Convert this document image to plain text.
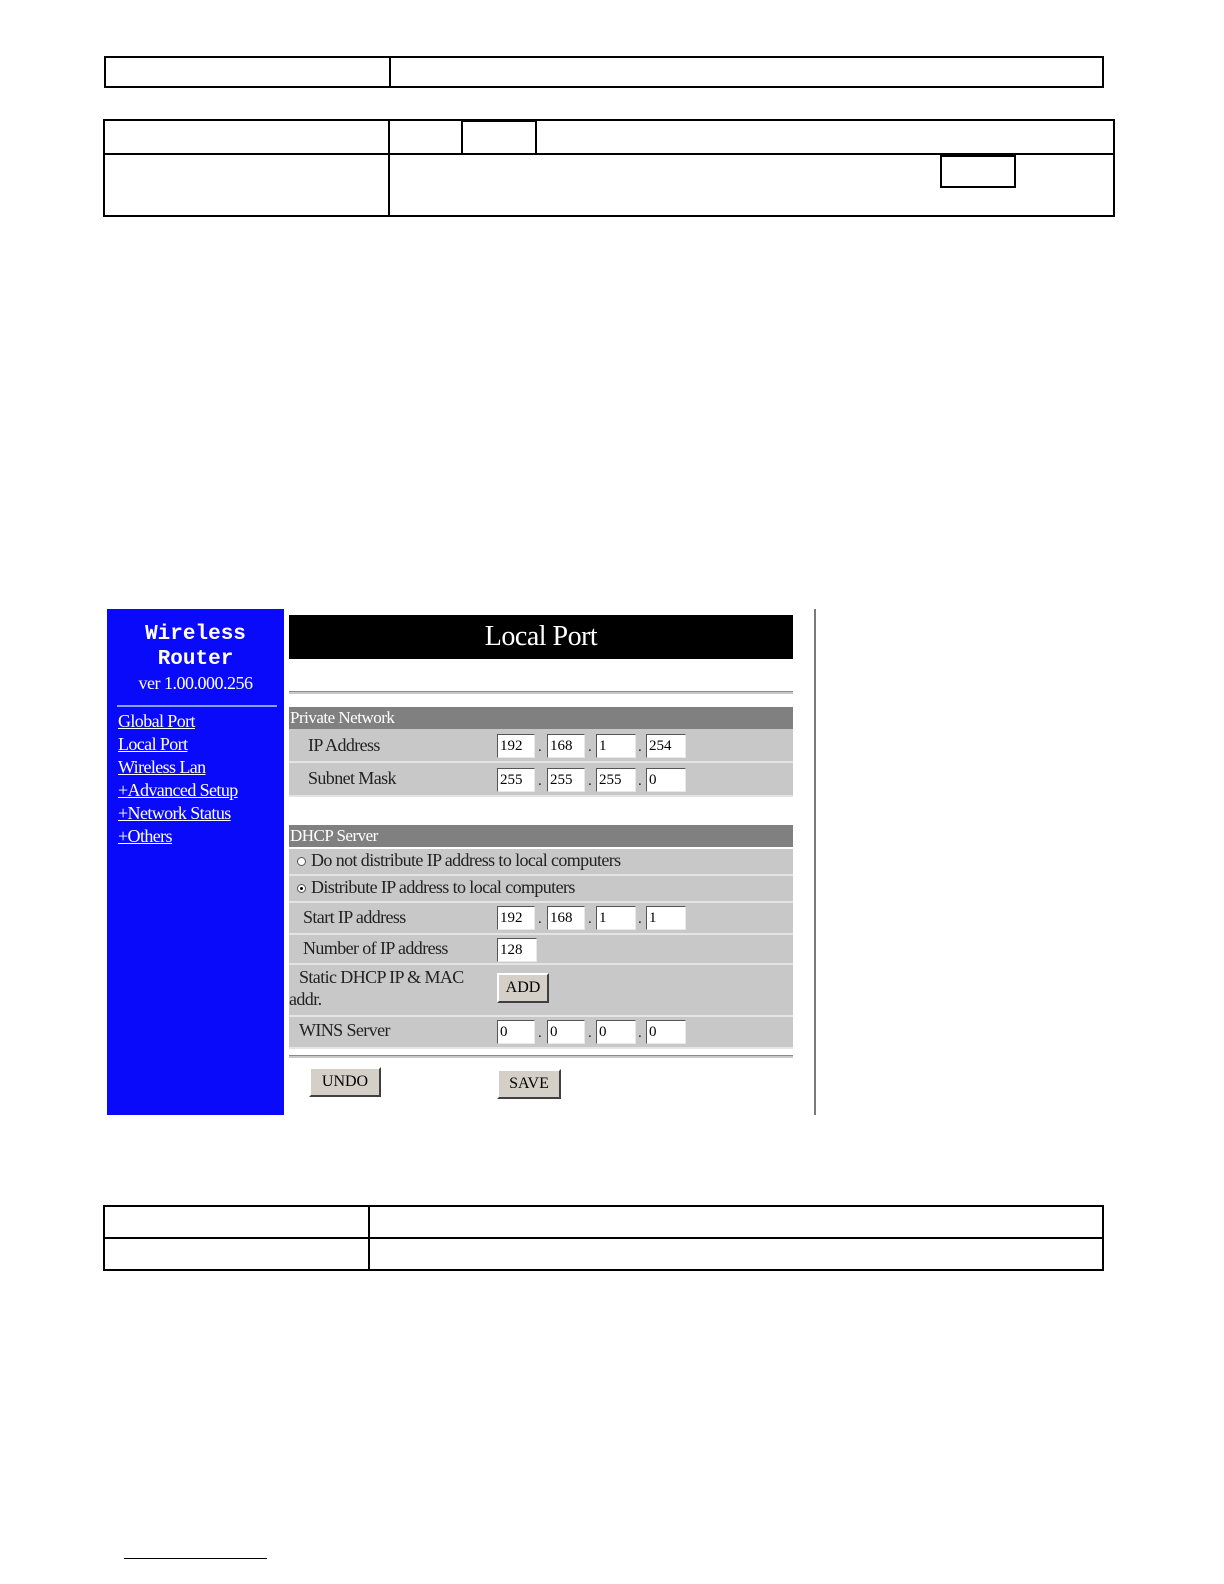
Wireless
Router
ver 1.00.000.256
Global Port
Local Port
Wireless Lan
+Advanced Setup
+Network Status
+Others
Local Port
Private Network
IP Address	192	. 168	. 1	. 254
Subnet Mask	255	. 255	. 255	. 0
DHCP Server
Do not distribute IP address to local computers
Distribute IP address to local computers
Start IP address	192	. 168	. 1	. 1
Number of IP address	128
Static DHCP IP & MAC
addr.
ADD
WINS Server	0	. 0	. 0	. 0
UNDO	SAVE
